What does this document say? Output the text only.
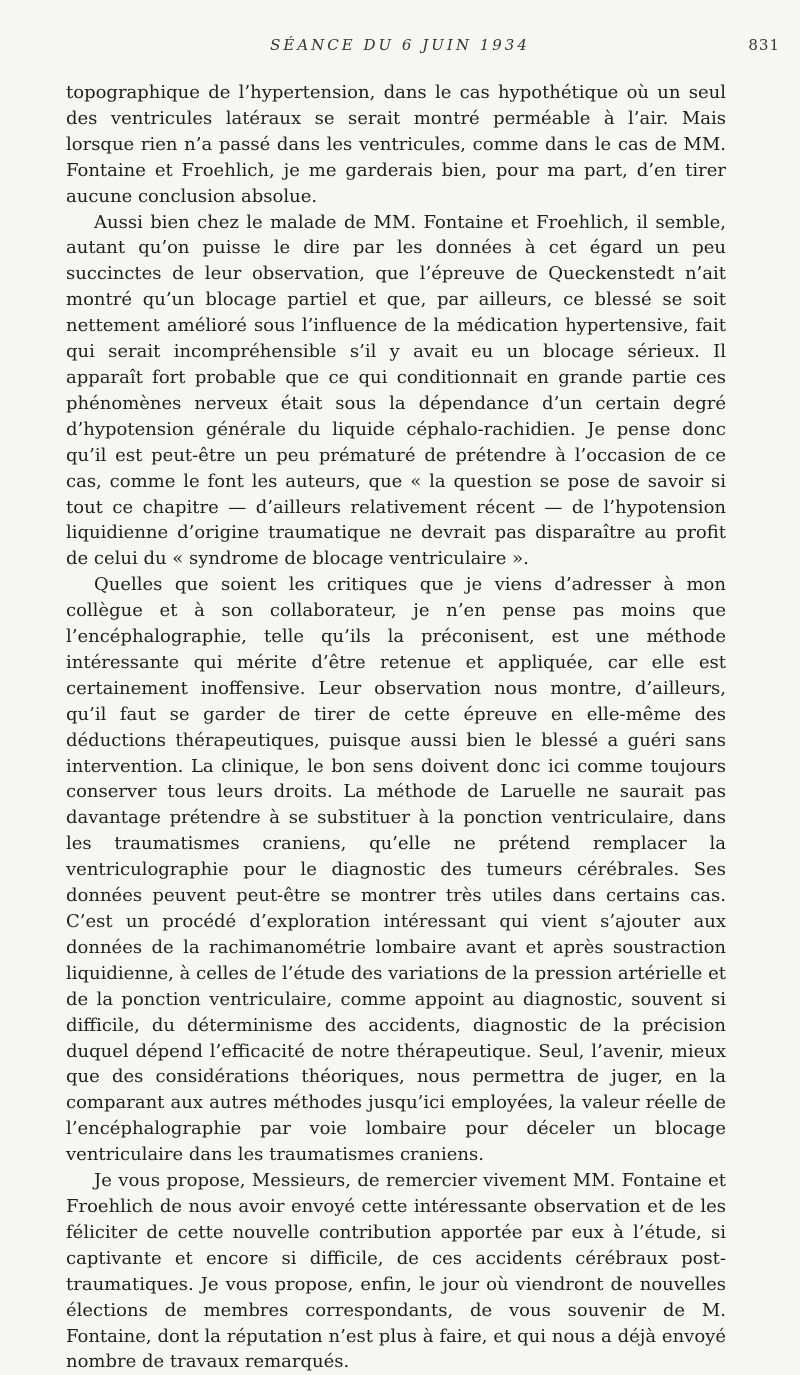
SÉANCE DU 6 JUIN 1934	831

topographique de l’hypertension, dans le cas hypothétique où un seul des ventricules latéraux se serait montré perméable à l’air. Mais lorsque rien n’a passé dans les ventricules, comme dans le cas de MM. Fontaine et Froehlich, je me garderais bien, pour ma part, d’en tirer aucune conclusion absolue.

Aussi bien chez le malade de MM. Fontaine et Froehlich, il semble, autant qu’on puisse le dire par les données à cet égard un peu succinctes de leur observation, que l’épreuve de Queckenstedt n’ait montré qu’un blocage partiel et que, par ailleurs, ce blessé se soit nettement amélioré sous l’influence de la médication hypertensive, fait qui serait incompréhensible s’il y avait eu un blocage sérieux. Il apparaît fort probable que ce qui conditionnait en grande partie ces phénomènes nerveux était sous la dépendance d’un certain degré d’hypotension générale du liquide céphalo-rachidien. Je pense donc qu’il est peut-être un peu prématuré de prétendre à l’occasion de ce cas, comme le font les auteurs, que « la question se pose de savoir si tout ce chapitre — d’ailleurs relativement récent — de l’hypotension liquidienne d’origine traumatique ne devrait pas disparaître au profit de celui du « syndrome de blocage ventriculaire ».

Quelles que soient les critiques que je viens d’adresser à mon collègue et à son collaborateur, je n’en pense pas moins que l’encéphalographie, telle qu’ils la préconisent, est une méthode intéressante qui mérite d’être retenue et appliquée, car elle est certainement inoffensive. Leur observation nous montre, d’ailleurs, qu’il faut se garder de tirer de cette épreuve en elle-même des déductions thérapeutiques, puisque aussi bien le blessé a guéri sans intervention. La clinique, le bon sens doivent donc ici comme toujours conserver tous leurs droits. La méthode de Laruelle ne saurait pas davantage prétendre à se substituer à la ponction ventriculaire, dans les traumatismes craniens, qu’elle ne prétend remplacer la ventriculographie pour le diagnostic des tumeurs cérébrales. Ses données peuvent peut-être se montrer très utiles dans certains cas. C’est un procédé d’exploration intéressant qui vient s’ajouter aux données de la rachimanométrie lombaire avant et après soustraction liquidienne, à celles de l’étude des variations de la pression artérielle et de la ponction ventriculaire, comme appoint au diagnostic, souvent si difficile, du déterminisme des accidents, diagnostic de la précision duquel dépend l’efficacité de notre thérapeutique. Seul, l’avenir, mieux que des considérations théoriques, nous permettra de juger, en la comparant aux autres méthodes jusqu’ici employées, la valeur réelle de l’encéphalographie par voie lombaire pour déceler un blocage ventriculaire dans les traumatismes craniens.

Je vous propose, Messieurs, de remercier vivement MM. Fontaine et Froehlich de nous avoir envoyé cette intéressante observation et de les féliciter de cette nouvelle contribution apportée par eux à l’étude, si captivante et encore si difficile, de ces accidents cérébraux post-traumatiques. Je vous propose, enfin, le jour où viendront de nouvelles élections de membres correspondants, de vous souvenir de M. Fontaine, dont la réputation n’est plus à faire, et qui nous a déjà envoyé nombre de travaux remarqués.
